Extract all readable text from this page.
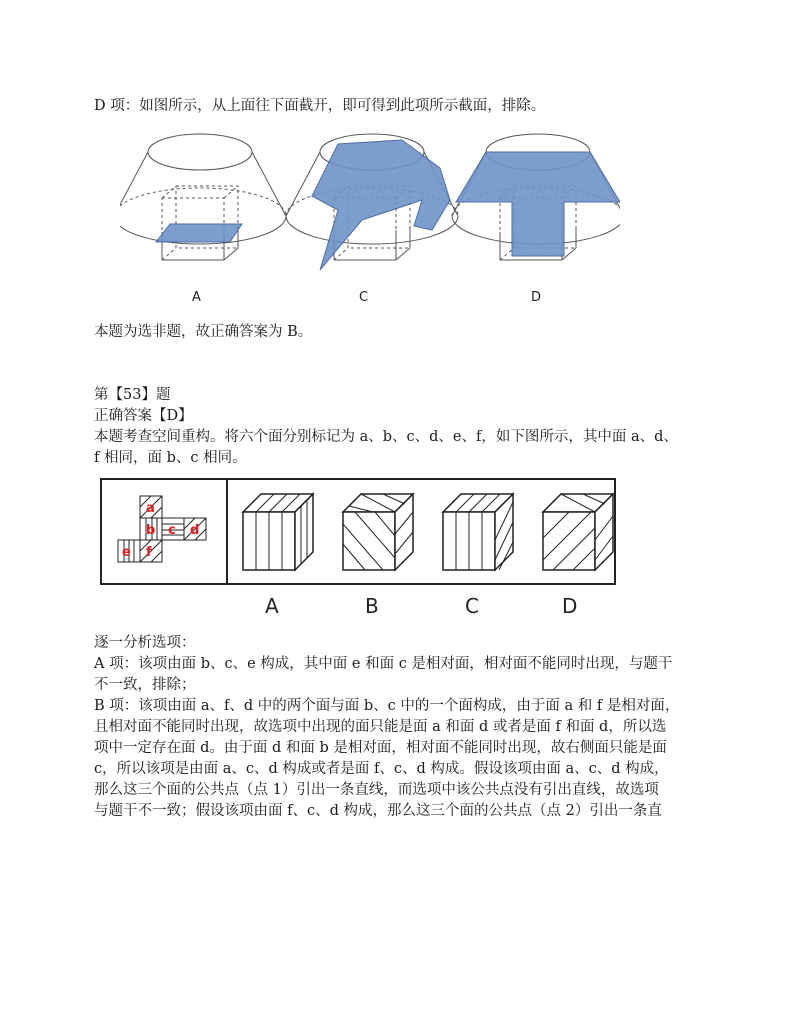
D 项：如图所示，从上面往下面截开，即可得到此项所示截面，排除。
A	C	D
本题为选非题，故正确答案为 B。
第【53】题
正确答案【D】
本题考查空间重构。将六个面分别标记为 a、b、c、d、e、f，如下图所示，其中面 a、d、
f 相同，面 b、c 相同。
a
b c d
e f
A	B	C	D
逐一分析选项：
A 项：该项由面 b、c、e 构成，其中面 e 和面 c 是相对面，相对面不能同时出现，与题干
不一致，排除；
B 项：该项由面 a、f、d 中的两个面与面 b、c 中的一个面构成，由于面 a 和 f 是相对面，
且相对面不能同时出现，故选项中出现的面只能是面 a 和面 d 或者是面 f 和面 d，所以选
项中一定存在面 d。由于面 d 和面 b 是相对面，相对面不能同时出现，故右侧面只能是面
c，所以该项是由面 a、c、d 构成或者是面 f、c、d 构成。假设该项由面 a、c、d 构成，
那么这三个面的公共点（点 1）引出一条直线，而选项中该公共点没有引出直线，故选项
与题干不一致；假设该项由面 f、c、d 构成，那么这三个面的公共点（点 2）引出一条直
